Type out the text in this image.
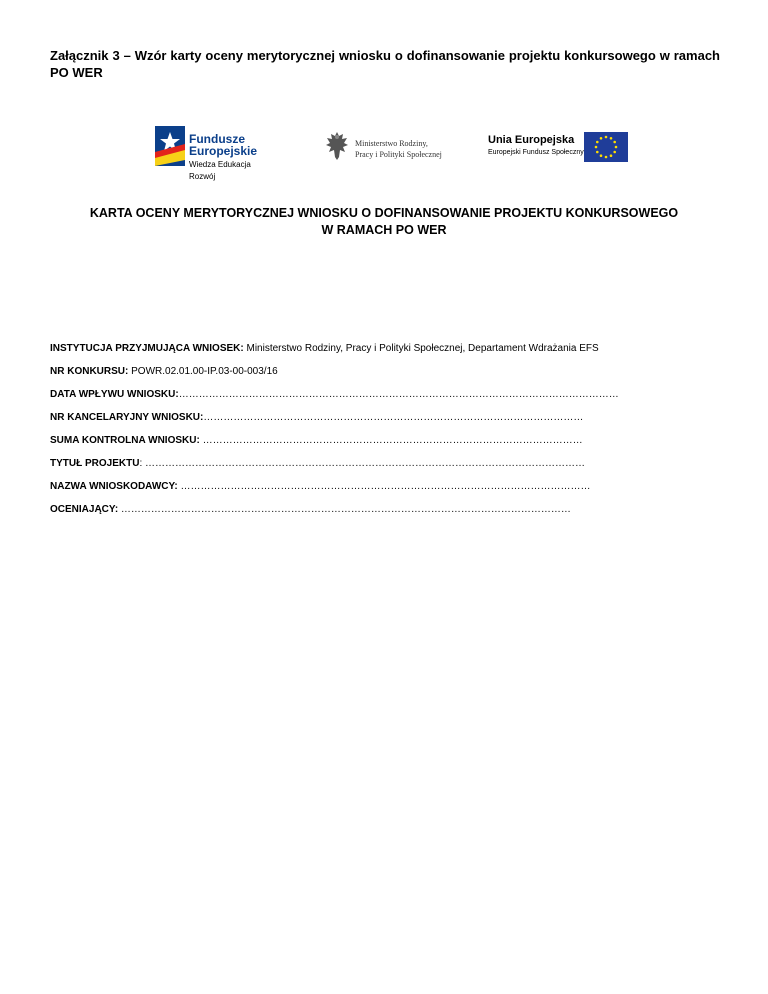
Załącznik 3 – Wzór karty oceny merytorycznej wniosku o dofinansowanie projektu konkursowego w ramach
PO WER
Fundusze
Europejskie
Wiedza Edukacja Rozwój
Ministerstwo Rodziny,
Pracy i Polityki Społecznej
Unia Europejska
Europejski Fundusz Społeczny
KARTA OCENY MERYTORYCZNEJ WNIOSKU O DOFINANSOWANIE PROJEKTU KONKURSOWEGO
W RAMACH PO WER
INSTYTUCJA PRZYJMUJĄCA WNIOSEK: Ministerstwo Rodziny, Pracy i Polityki Społecznej, Departament Wdrażania EFS
NR KONKURSU: POWR.02.01.00-IP.03-00-003/16
DATA WPŁYWU WNIOSKU:……………………………………………………………………………………………………………………
NR KANCELARYJNY WNIOSKU:……………………………………………………………………………………………………
SUMA KONTROLNA WNIOSKU: ……………………………………………………………………………………………………
TYTUŁ PROJEKTU: ……………………………………………………………………………………………………………………
NAZWA WNIOSKODAWCY: ……………………………………………………………………………………………………………
OCENIAJĄCY: ………………………………………………………………………………………………………………………
